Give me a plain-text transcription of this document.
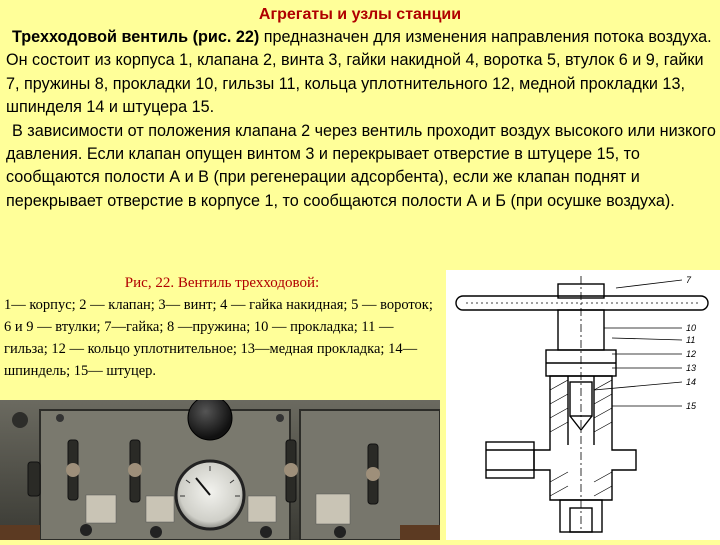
Агрегаты и узлы станции

Трехходовой вентиль (рис. 22) предназначен для изменения направления потока воздуха. Он состоит из корпуса 1, клапана 2, винта 3, гайки накидной 4, воротка 5, втулок 6 и 9, гайки 7, пружины 8, прокладки 10, гильзы 11, кольца уплотнительного 12, медной прокладки 13, шпинделя 14 и штуцера 15.

В зависимости от положения клапана 2 через вентиль проходит воздух высокого или низкого давления. Если клапан опущен винтом 3 и перекрывает отверстие в штуцере 15, то сообщаются полости А и В (при регенерации адсорбента), если же клапан поднят и перекрывает отверстие в корпусе 1, то сообщаются полости А и Б (при осушке воздуха).

Рис, 22. Вентиль трехходовой:
1— корпус; 2 — клапан; 3— винт; 4 — гайка накидная; 5 — вороток; 6 и 9 — втулки; 7—гайка; 8 —пружина; 10 — прокладка; 11 — гильза; 12 — кольцо уплотнительное; 13—медная прокладка; 14— шпиндель; 15— штуцер.
7
10
11
12
13
14
15
